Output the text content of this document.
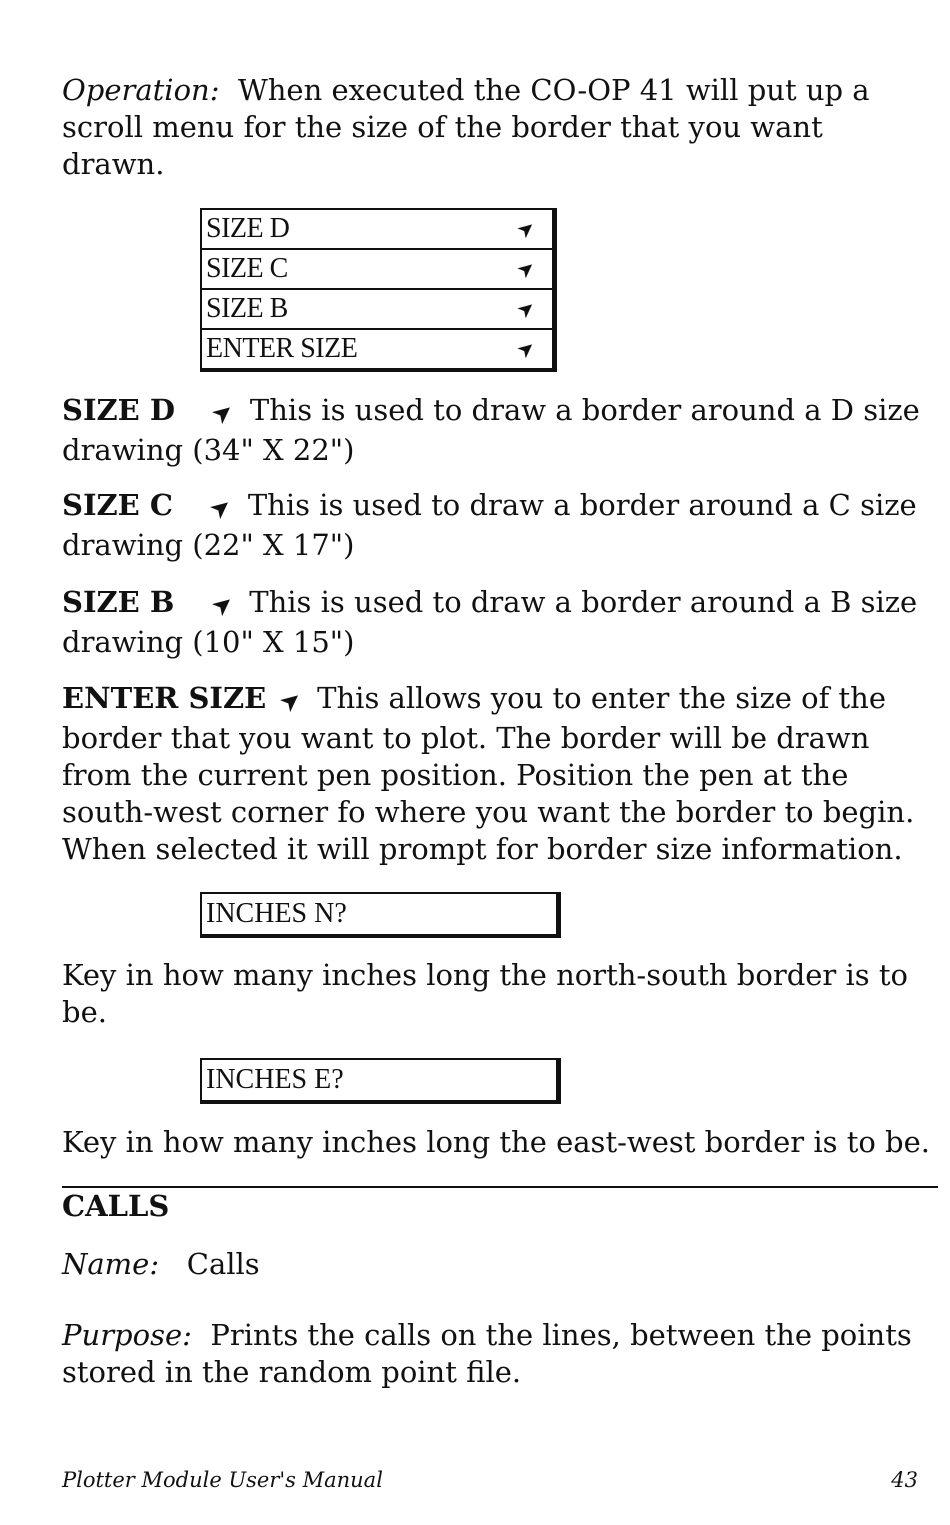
Operation: When executed the CO-OP 41 will put up a scroll menu for the size of the border that you want drawn.
SIZE D	➤
SIZE C	➤
SIZE B	➤
ENTER SIZE	➤
SIZE D ➤ This is used to draw a border around a D size drawing (34" X 22")
SIZE C ➤ This is used to draw a border around a C size drawing (22" X 17")
SIZE B ➤ This is used to draw a border around a B size drawing (10" X 15")
ENTER SIZE ➤ This allows you to enter the size of the border that you want to plot. The border will be drawn from the current pen position. Position the pen at the south-west corner fo where you want the border to begin. When selected it will prompt for border size information.
INCHES N?
Key in how many inches long the north-south border is to be.
INCHES E?
Key in how many inches long the east-west border is to be.
CALLS
Name: Calls
Purpose: Prints the calls on the lines, between the points stored in the random point file.
Plotter Module User's Manual	43
